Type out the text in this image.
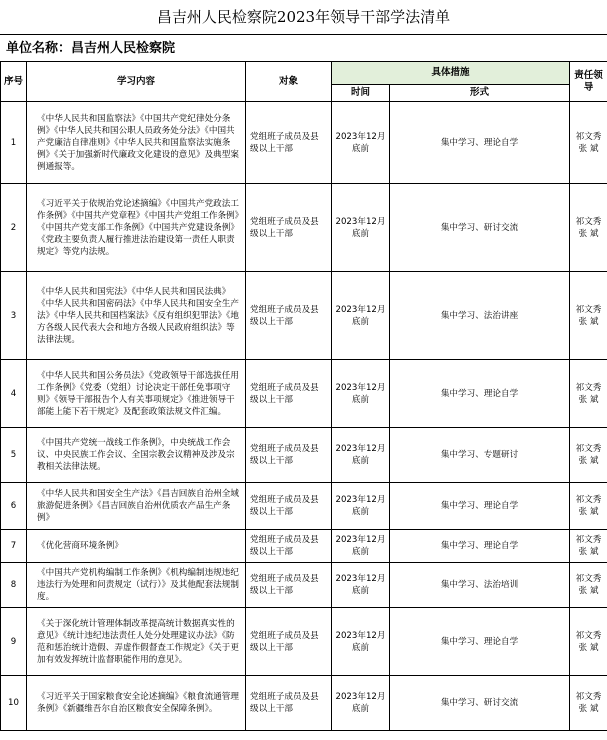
昌吉州人民检察院2023年领导干部学法清单
单位名称：昌吉州人民检察院
序号	学习内容	对象	具体措施		责任领导
			时间	形式	
1	《中华人民共和国监察法》《中国共产党纪律处分条例》《中华人民共和国公职人员政务处分法》《中国共产党廉洁自律准则》《中华人民共和国监察法实施条例》《关于加强新时代廉政文化建设的意见》及典型案例通报等。	党组班子成员及县级以上干部	2023年12月底前	集中学习、理论自学	祁文秀
张 斌

2	《习近平关于依规治党论述摘编》《中国共产党政法工作条例》《中国共产党章程》《中国共产党组工作条例》《中国共产党支部工作条例》《中国共产党建设条例》《党政主要负责人履行推进法治建设第一责任人职责规定》等党内法规。	党组班子成员及县级以上干部	2023年12月底前	集中学习、研讨交流	祁文秀
张 斌

3	《中华人民共和国宪法》《中华人民共和国民法典》《中华人民共和国密码法》《中华人民共和国安全生产法》《中华人民共和国档案法》《反有组织犯罪法》《地方各级人民代表大会和地方各级人民政府组织法》等法律法规。	党组班子成员及县级以上干部	2023年12月底前	集中学习、法治讲座	祁文秀
张 斌

4	《中华人民共和国公务员法》《党政领导干部选拔任用工作条例》《党委（党组）讨论决定干部任免事项守则》《领导干部报告个人有关事项规定》《推进领导干部能上能下若干规定》及配套政策法规文件汇编。	党组班子成员及县级以上干部	2023年12月底前	集中学习、理论自学	祁文秀
张 斌

5	《中国共产党统一战线工作条例》，中央统战工作会议、中央民族工作会议、全国宗教会议精神及涉及宗教相关法律法规。	党组班子成员及县级以上干部	2023年12月底前	集中学习、专题研讨	祁文秀
张 斌

6	《中华人民共和国安全生产法》《昌吉回族自治州全域旅游促进条例》《昌吉回族自治州优质农产品生产条例》	党组班子成员及县级以上干部	2023年12月底前	集中学习、理论自学	祁文秀
张 斌

7	《优化营商环境条例》	党组班子成员及县级以上干部	2023年12月底前	集中学习、理论自学	祁文秀
张 斌

8	《中国共产党机构编制工作条例》《机构编制违规违纪违法行为处理和问责规定（试行）》及其他配套法规制度。	党组班子成员及县级以上干部	2023年12月底前	集中学习、法治培训	祁文秀
张 斌

9	《关于深化统计管理体制改革提高统计数据真实性的意见》《统计违纪违法责任人处分处理建议办法》《防范和惩治统计造假、弄虚作假督查工作规定》《关于更加有效发挥统计监督职能作用的意见》。	党组班子成员及县级以上干部	2023年12月底前	集中学习、理论自学	祁文秀
张 斌

10	《习近平关于国家粮食安全论述摘编》《粮食流通管理条例》《新疆维吾尔自治区粮食安全保障条例》。	党组班子成员及县级以上干部	2023年12月底前	集中学习、研讨交流	祁文秀
张 斌
